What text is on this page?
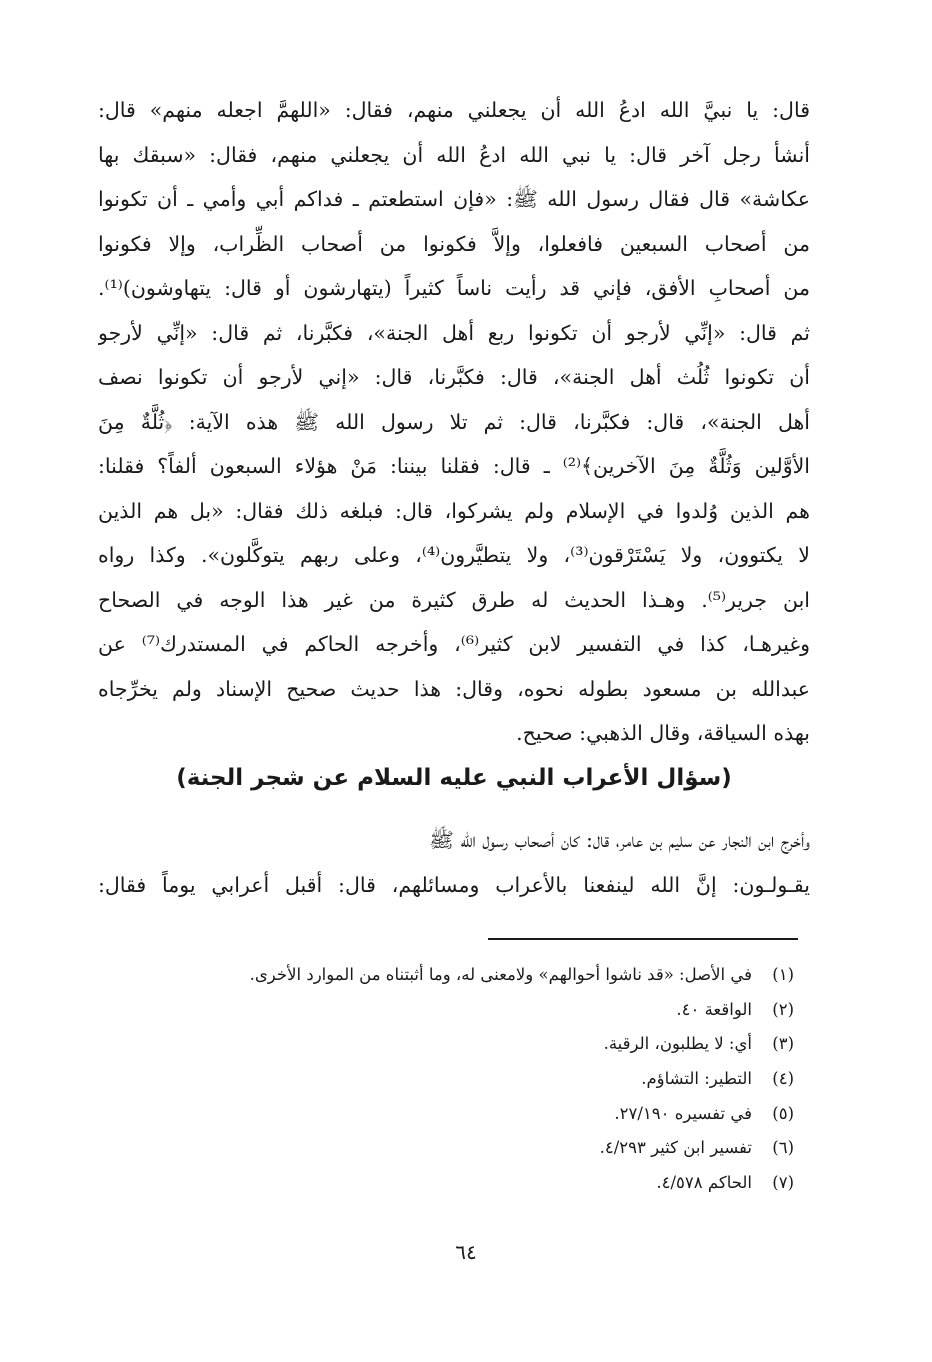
قال: يا نبيَّ الله ادعُ الله أن يجعلني منهم، فقال: «اللهمَّ اجعله منهم» قال:
أنشأ رجل آخر قال: يا نبي الله ادعُ الله أن يجعلني منهم، فقال: «سبقك بها
عكاشة» قال فقال رسول الله ﷺ: «فإن استطعتم ـ فداكم أبي وأمي ـ أن تكونوا
من أصحاب السبعين فافعلوا، وإلاَّ فكونوا من أصحاب الظِّراب، وإلا فكونوا
من أصحابِ الأفق، فإني قد رأيت ناساً كثيراً (يتهارشون أو قال: يتهاوشون)⁽¹⁾.
ثم قال: «إنِّي لأرجو أن تكونوا ربع أهل الجنة»، فكبَّرنا، ثم قال: «إنِّي لأرجو
أن تكونوا ثُلُث أهل الجنة»، قال: فكبَّرنا، قال: «إني لأرجو أن تكونوا نصف
أهل الجنة»، قال: فكبَّرنا، قال: ثم تلا رسول الله ﷺ هذه الآية: ﴿ثُلَّةٌ مِنَ
الأوَّلين وَثُلَّةٌ مِنَ الآخرين﴾⁽²⁾ ـ قال: فقلنا بيننا: مَنْ هؤلاء السبعون ألفاً؟ فقلنا:
هم الذين وُلدوا في الإسلام ولم يشركوا، قال: فبلغه ذلك فقال: «بل هم الذين
لا يكتوون، ولا يَسْتَرْقون⁽³⁾، ولا يتطيَّرون⁽⁴⁾، وعلى ربهم يتوكَّلون». وكذا رواه
ابن جرير⁽⁵⁾. وهـذا الحديث له طرق كثيرة من غير هذا الوجه في الصحاح
وغيرهـا، كذا في التفسير لابن كثير⁽⁶⁾، وأخرجه الحاكم في المستدرك⁽⁷⁾ عن
عبدالله بن مسعود بطوله نحوه، وقال: هذا حديث صحيح الإسناد ولم يخرِّجاه
بهذه السياقة، وقال الذهبي: صحيح.
(سؤال الأعراب النبي عليه السلام عن شجر الجنة)
وأخرج ابن النجار عن سليم بن عامر، قال: كان أصحاب رسول الله ﷺ
يقـولـون: إنَّ الله لينفعنا بالأعراب ومسائلهم، قال: أقبل أعرابي يوماً فقال:
(١)
في الأصل: «قد ناشوا أحوالهم» ولامعنى له، وما أثبتناه من الموارد الأخرى.
(٢)
الواقعة ٤٠.
(٣)
أي: لا يطلبون، الرقية.
(٤)
التطير: التشاؤم.
(٥)
في تفسيره ٢٧/١٩٠.
(٦)
تفسير ابن كثير ٤/٢٩٣.
(٧)
الحاكم ٤/٥٧٨.
٦٤
